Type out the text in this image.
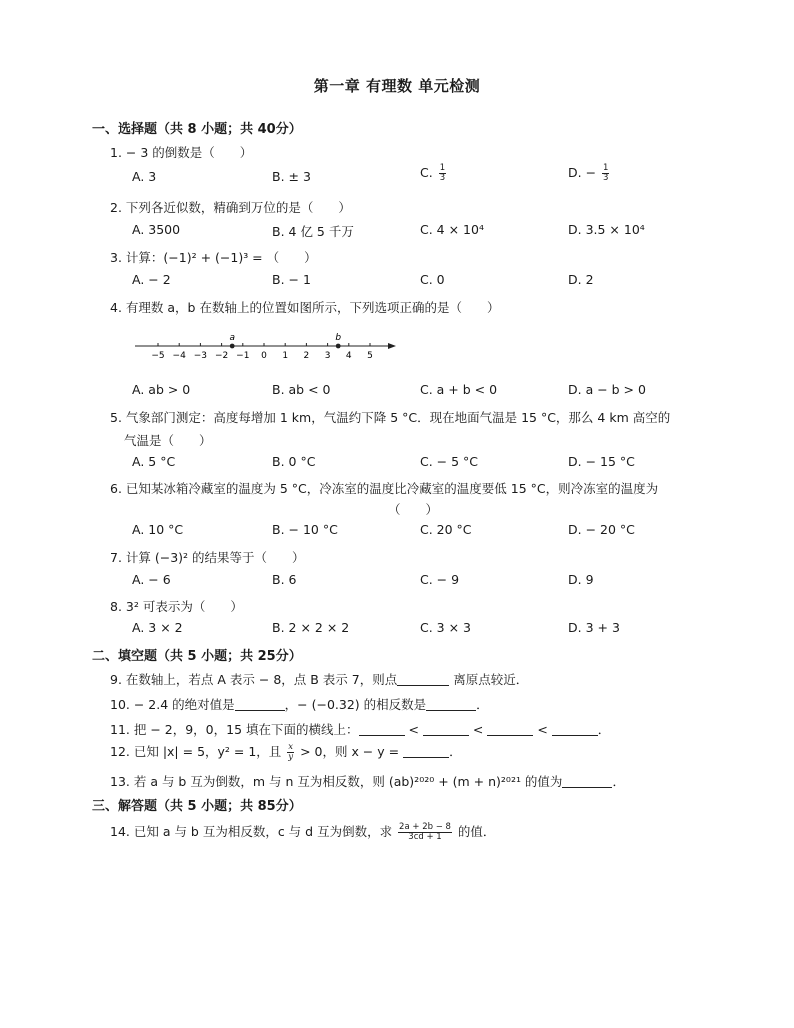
第一章 有理数 单元检测
一、选择题（共 8 小题；共 40分）
1. − 3 的倒数是（　　）
A. 3	B. ± 3	C. $\frac{1}{3}$	D. − $\frac{1}{3}$
2. 下列各近似数，精确到万位的是（　　）
A. 3500	B. 4 亿 5 千万	C. 4 × 10⁴	D. 3.5 × 10⁴
3. 计算：(−1)² + (−1)³ = （　　）
A. − 2	B. − 1	C. 0	D. 2
4. 有理数 a，b 在数轴上的位置如图所示，下列选项正确的是（　　）
−5 −4 −3 −2 −1 0 1 2 3 4 5
a	b
A. ab > 0	B. ab < 0	C. a + b < 0	D. a − b > 0
5. 气象部门测定：高度每增加 1 km，气温约下降 5 °C．现在地面气温是 15 °C，那么 4 km 高空的
气温是（　　）
A. 5 °C	B. 0 °C	C. − 5 °C	D. − 15 °C
6. 已知某冰箱冷藏室的温度为 5 °C，冷冻室的温度比冷藏室的温度要低 15 °C，则冷冻室的温度为
（　　）
A. 10 °C	B. − 10 °C	C. 20 °C	D. − 20 °C
7. 计算 (−3)² 的结果等于（　　）
A. − 6	B. 6	C. − 9	D. 9
8. 3² 可表示为（　　）
A. 3 × 2	B. 2 × 2 × 2	C. 3 × 3	D. 3 + 3
二、填空题（共 5 小题；共 25分）
9. 在数轴上，若点 A 表示 − 8，点 B 表示 7，则点	离原点较近．
10. − 2.4 的绝对值是	，− (−0.32) 的相反数是	．
11. 把 − 2，9，0，15 填在下面的横线上：	<	<	<	．
12. 已知 |x| = 5，y² = 1，且 $\frac{x}{y} > 0$，则 x − y =	．
13. 若 a 与 b 互为倒数，m 与 n 互为相反数，则 (ab)²⁰²⁰ + (m + n)²⁰²¹ 的值为	．
三、解答题（共 5 小题；共 85分）
14. 已知 a 与 b 互为相反数，c 与 d 互为倒数，求 $\frac{2a + 2b - 8}{3cd + 1}$ 的值．
